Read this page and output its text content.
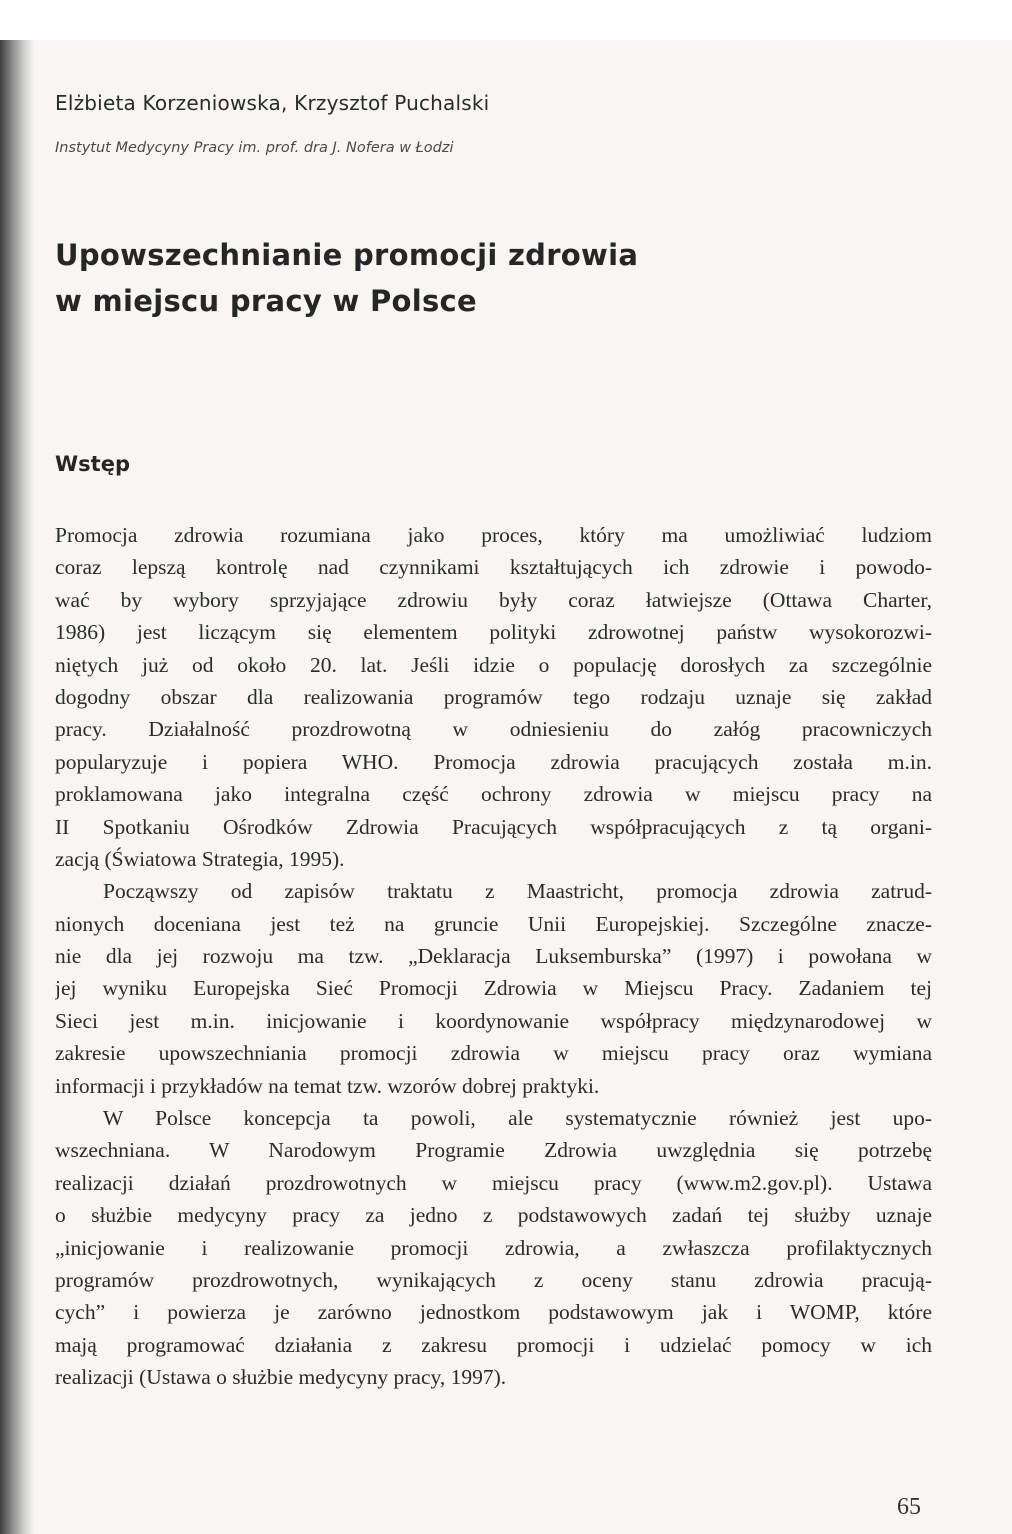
Elżbieta Korzeniowska, Krzysztof Puchalski

Instytut Medycyny Pracy im. prof. dra J. Nofera w Łodzi

Upowszechnianie promocji zdrowia
w miejscu pracy w Polsce
Wstęp
Promocja zdrowia rozumiana jako proces, który ma umożliwiać ludziom
coraz lepszą kontrolę nad czynnikami kształtujących ich zdrowie i powodo-
wać by wybory sprzyjające zdrowiu były coraz łatwiejsze (Ottawa Charter,
1986) jest liczącym się elementem polityki zdrowotnej państw wysokorozwi-
niętych już od około 20. lat. Jeśli idzie o populację dorosłych za szczególnie
dogodny obszar dla realizowania programów tego rodzaju uznaje się zakład
pracy. Działalność prozdrowotną w odniesieniu do załóg pracowniczych
popularyzuje i popiera WHO. Promocja zdrowia pracujących została m.in.
proklamowana jako integralna część ochrony zdrowia w miejscu pracy na
II Spotkaniu Ośrodków Zdrowia Pracujących współpracujących z tą organi-
zacją (Światowa Strategia, 1995).
Począwszy od zapisów traktatu z Maastricht, promocja zdrowia zatrud-
nionych doceniana jest też na gruncie Unii Europejskiej. Szczególne znacze-
nie dla jej rozwoju ma tzw. „Deklaracja Luksemburska” (1997) i powołana w
jej wyniku Europejska Sieć Promocji Zdrowia w Miejscu Pracy. Zadaniem tej
Sieci jest m.in. inicjowanie i koordynowanie współpracy międzynarodowej w
zakresie upowszechniania promocji zdrowia w miejscu pracy oraz wymiana
informacji i przykładów na temat tzw. wzorów dobrej praktyki.
W Polsce koncepcja ta powoli, ale systematycznie również jest upo-
wszechniana. W Narodowym Programie Zdrowia uwzględnia się potrzebę
realizacji działań prozdrowotnych w miejscu pracy (www.m2.gov.pl). Ustawa
o służbie medycyny pracy za jedno z podstawowych zadań tej służby uznaje
„inicjowanie i realizowanie promocji zdrowia, a zwłaszcza profilaktycznych
programów prozdrowotnych, wynikających z oceny stanu zdrowia pracują-
cych” i powierza je zarówno jednostkom podstawowym jak i WOMP, które
mają programować działania z zakresu promocji i udzielać pomocy w ich
realizacji (Ustawa o służbie medycyny pracy, 1997).

65
